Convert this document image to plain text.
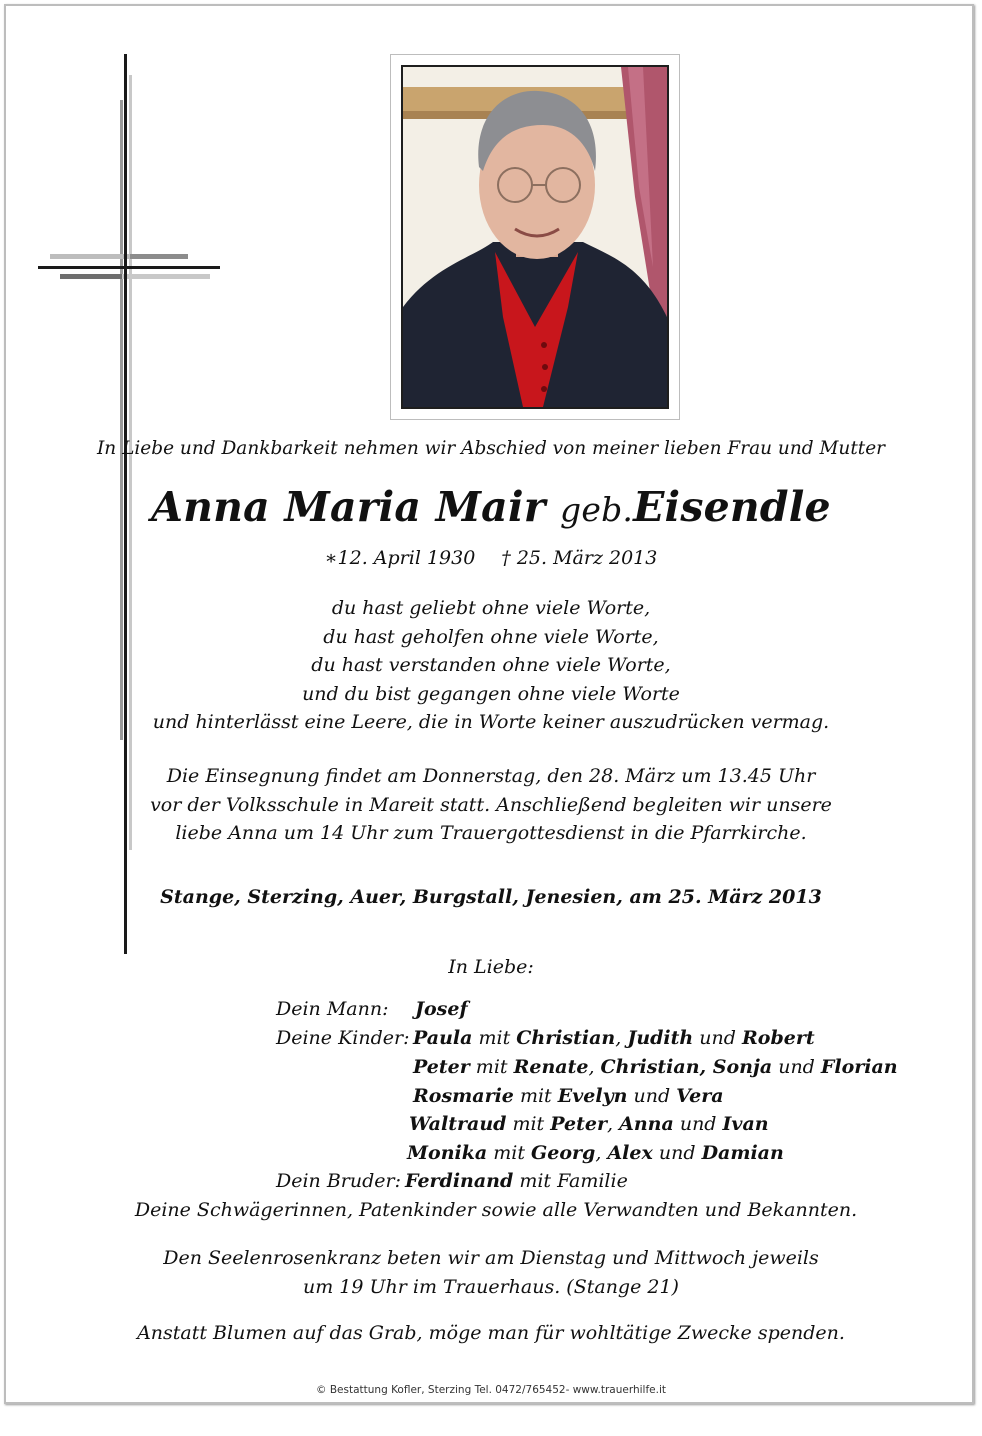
In Liebe und Dankbarkeit nehmen wir Abschied von meiner lieben Frau und Mutter
Anna Maria Mair geb.Eisendle
∗12. April 1930 † 25. März 2013
du hast geliebt ohne viele Worte,
du hast geholfen ohne viele Worte,
du hast verstanden ohne viele Worte,
und du bist gegangen ohne viele Worte
und hinterlässt eine Leere, die in Worte keiner auszudrücken vermag.
Die Einsegnung findet am Donnerstag, den 28. März um 13.45 Uhr
vor der Volksschule in Mareit statt. Anschließend begleiten wir unsere
liebe Anna um 14 Uhr zum Trauergottesdienst in die Pfarrkirche.
Stange, Sterzing, Auer, Burgstall, Jenesien, am 25. März 2013
In Liebe:
Dein Mann: Josef
Deine Kinder: Paula mit Christian, Judith und Robert
Peter mit Renate, Christian, Sonja und Florian
Rosmarie mit Evelyn und Vera
Waltraud mit Peter, Anna und Ivan
Monika mit Georg, Alex und Damian
Dein Bruder: Ferdinand mit Familie
Deine Schwägerinnen, Patenkinder sowie alle Verwandten und Bekannten.
Den Seelenrosenkranz beten wir am Dienstag und Mittwoch jeweils
um 19 Uhr im Trauerhaus. (Stange 21)
Anstatt Blumen auf das Grab, möge man für wohltätige Zwecke spenden.
© Bestattung Kofler, Sterzing Tel. 0472/765452- www.trauerhilfe.it
